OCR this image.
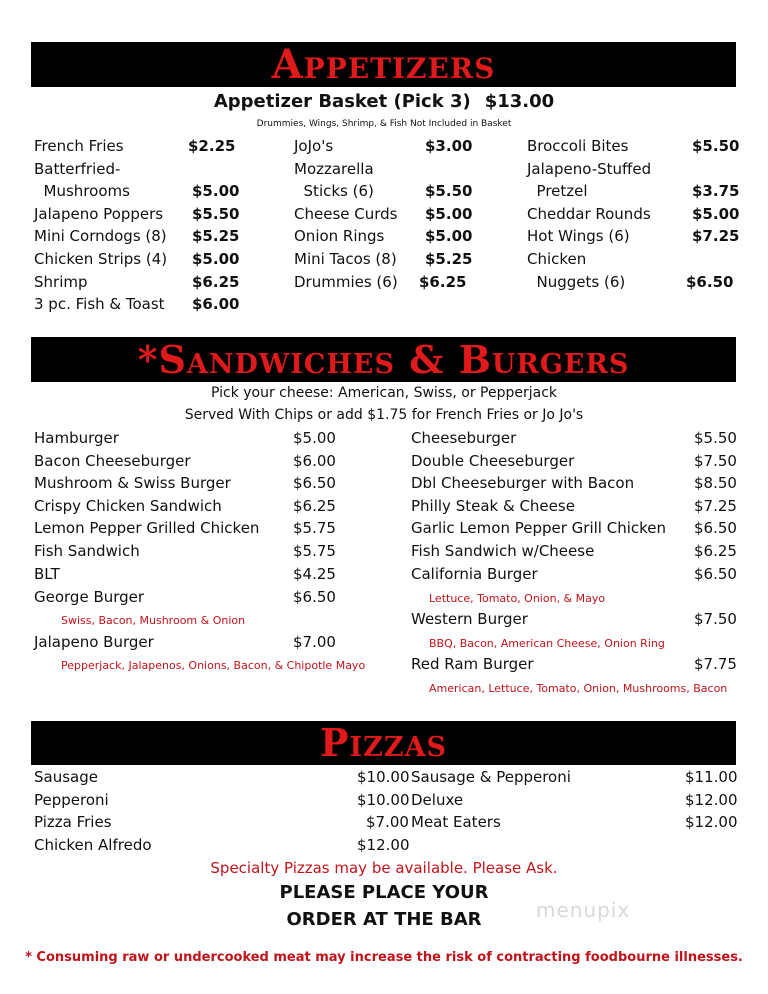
Appetizers
Appetizer Basket (Pick 3) $13.00
Drummies, Wings, Shrimp, & Fish Not Included in Basket
French Fries	$2.25
Batterfried-
Mushrooms	$5.00
Jalapeno Poppers $5.50
Mini Corndogs (8) $5.25
Chicken Strips (4) $5.00
Shrimp	$6.25
3 pc. Fish & Toast $6.00
JoJo's	$3.00
Mozzarella
Sticks (6)	$5.50
Cheese Curds $5.00
Onion Rings	$5.00
Mini Tacos (8) $5.25
Drummies (6) $6.25
Broccoli Bites	$5.50
Jalapeno-Stuffed
Pretzel	$3.75
Cheddar Rounds	$5.00
Hot Wings (6)	$7.25
Chicken
Nuggets (6)	$6.50
*Sandwiches & Burgers
Pick your cheese: American, Swiss, or Pepperjack
Served With Chips or add $1.75 for French Fries or Jo Jo's
Hamburger	$5.00
Bacon Cheeseburger	$6.00
Mushroom & Swiss Burger	$6.50
Crispy Chicken Sandwich	$6.25
Lemon Pepper Grilled Chicken $5.75
Fish Sandwich	$5.75
BLT	$4.25
George Burger	$6.50
Jalapeno Burger	$7.00
Cheeseburger	$5.50
Double Cheeseburger	$7.50
Dbl Cheeseburger with Bacon	$8.50
Philly Steak & Cheese	$7.25
Garlic Lemon Pepper Grill Chicken $6.50
Fish Sandwich w/Cheese	$6.25
California Burger	$6.50
Western Burger	$7.50
Red Ram Burger	$7.75
Swiss, Bacon, Mushroom & Onion
Pepperjack, Jalapenos, Onions, Bacon, & Chipotle Mayo
Lettuce, Tomato, Onion, & Mayo
BBQ, Bacon, American Cheese, Onion Ring
American, Lettuce, Tomato, Onion, Mushrooms, Bacon
Pizzas
Sausage	$10.00
Pepperoni	$10.00
Pizza Fries	$7.00
Chicken Alfredo	$12.00
Sausage & Pepperoni	$11.00
Deluxe	$12.00
Meat Eaters	$12.00
Specialty Pizzas may be available. Please Ask.
PLEASE PLACE YOUR
ORDER AT THE BAR	menupix
* Consuming raw or undercooked meat may increase the risk of contracting foodbourne illnesses.
